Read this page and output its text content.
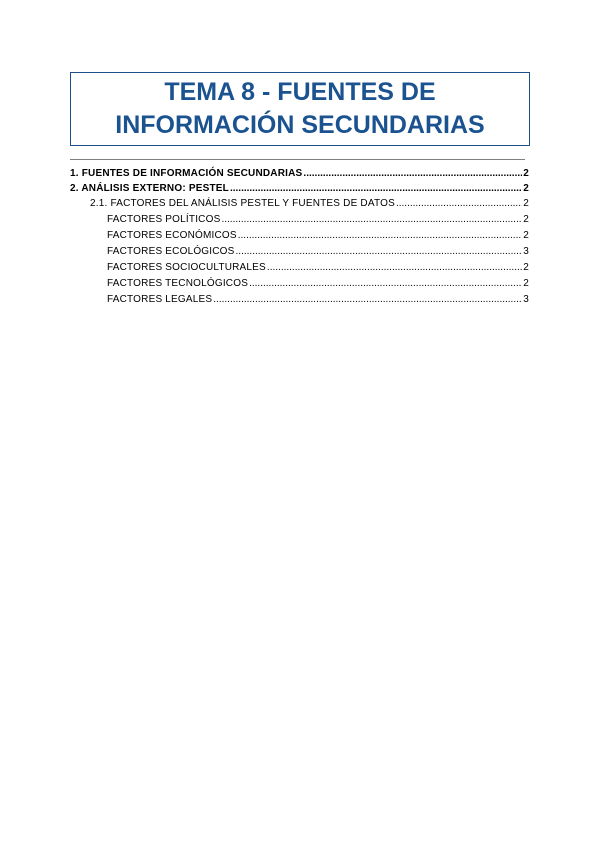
TEMA 8 - FUENTES DE
INFORMACIÓN SECUNDARIAS
1. FUENTES DE INFORMACIÓN SECUNDARIAS .....	2
2. ANÁLISIS EXTERNO: PESTEL .....	2
2.1. FACTORES DEL ANÁLISIS PESTEL Y FUENTES DE DATOS .....	2
FACTORES POLÍTICOS .....	2
FACTORES ECONÓMICOS .....	2
FACTORES ECOLÓGICOS .....	3
FACTORES SOCIOCULTURALES .....	2
FACTORES TECNOLÓGICOS .....	2
FACTORES LEGALES .....	3
